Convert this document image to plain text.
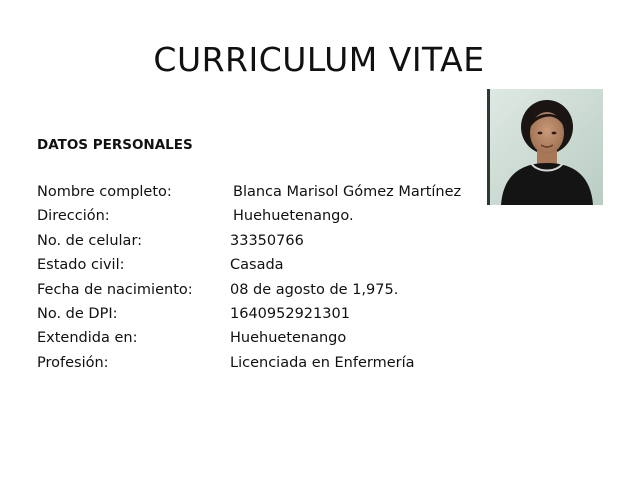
CURRICULUM VITAE
DATOS PERSONALES
Nombre completo:	Blanca Marisol Gómez Martínez
Dirección:	Huehuetenango.
No. de celular:	33350766
Estado civil:	Casada
Fecha de nacimiento:	08 de agosto de 1,975.
No. de DPI:	1640952921301
Extendida en:	Huehuetenango
Profesión:	Licenciada en Enfermería
